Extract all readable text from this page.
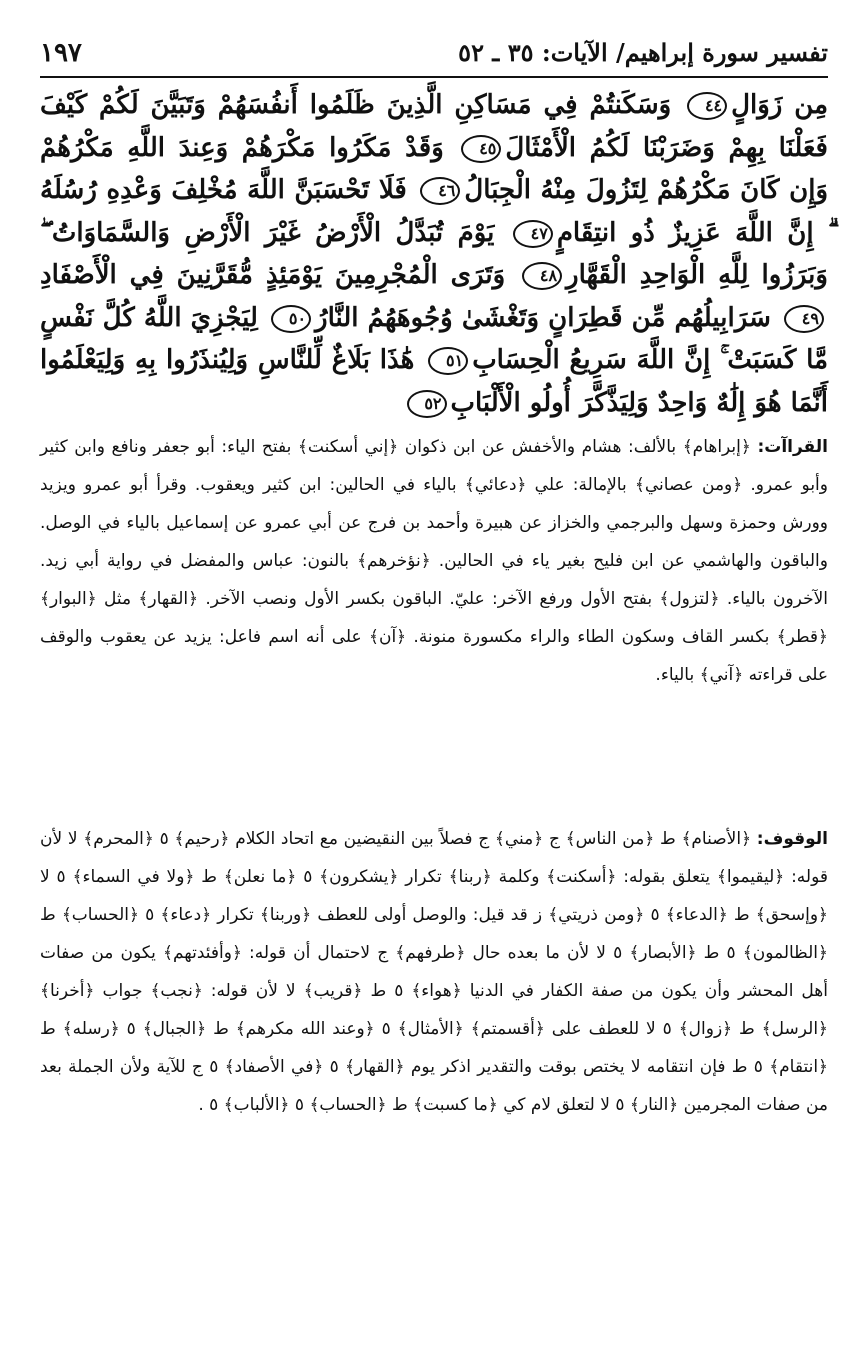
١٩٧	تفسير سورة إبراهيم/ الآيات: ٣٥ ـ ٥٢
مِن زَوَالٍ٤٤ وَسَكَنتُمْ فِي مَسَاكِنِ الَّذِينَ ظَلَمُوا أَنفُسَهُمْ وَتَبَيَّنَ لَكُمْ كَيْفَ فَعَلْنَا بِهِمْ وَضَرَبْنَا لَكُمُ الْأَمْثَالَ٤٥ وَقَدْ مَكَرُوا مَكْرَهُمْ وَعِندَ اللَّهِ مَكْرُهُمْ وَإِن كَانَ مَكْرُهُمْ لِتَزُولَ مِنْهُ الْجِبَالُ٤٦ فَلَا تَحْسَبَنَّ اللَّهَ مُخْلِفَ وَعْدِهِ رُسُلَهُ ۗ إِنَّ اللَّهَ عَزِيزٌ ذُو انتِقَامٍ٤٧ يَوْمَ تُبَدَّلُ الْأَرْضُ غَيْرَ الْأَرْضِ وَالسَّمَاوَاتُ ۖ وَبَرَزُوا لِلَّهِ الْوَاحِدِ الْقَهَّارِ٤٨ وَتَرَى الْمُجْرِمِينَ يَوْمَئِذٍ مُّقَرَّنِينَ فِي الْأَصْفَادِ٤٩ سَرَابِيلُهُم مِّن قَطِرَانٍ وَتَغْشَىٰ وُجُوهَهُمُ النَّارُ٥٠ لِيَجْزِيَ اللَّهُ كُلَّ نَفْسٍ مَّا كَسَبَتْ ۚ إِنَّ اللَّهَ سَرِيعُ الْحِسَابِ٥١ هَٰذَا بَلَاغٌ لِّلنَّاسِ وَلِيُنذَرُوا بِهِ وَلِيَعْلَمُوا أَنَّمَا هُوَ إِلَٰهٌ وَاحِدٌ وَلِيَذَّكَّرَ أُولُو الْأَلْبَابِ٥٢
القراآت: ﴿إبراهام﴾ بالألف: هشام والأخفش عن ابن ذكوان ﴿إني أسكنت﴾ بفتح الياء: أبو جعفر ونافع وابن كثير وأبو عمرو. ﴿ومن عصاني﴾ بالإمالة: علي ﴿دعائي﴾ بالياء في الحالين: ابن كثير ويعقوب. وقرأ أبو عمرو ويزيد وورش وحمزة وسهل والبرجمي والخزاز عن هبيرة وأحمد بن فرج عن أبي عمرو عن إسماعيل بالياء في الوصل. والباقون والهاشمي عن ابن فليح بغير ياء في الحالين. ﴿نؤخرهم﴾ بالنون: عباس والمفضل في رواية أبي زيد. الآخرون بالياء. ﴿لتزول﴾ بفتح الأول ورفع الآخر: عليّ. الباقون بكسر الأول ونصب الآخر. ﴿القهار﴾ مثل ﴿البوار﴾ ﴿قطر﴾ بكسر القاف وسكون الطاء والراء مكسورة منونة. ﴿آن﴾ على أنه اسم فاعل: يزيد عن يعقوب والوقف على قراءته ﴿آني﴾ بالياء.
الوقوف: ﴿الأصنام﴾ ط ﴿من الناس﴾ ج ﴿مني﴾ ج فصلاً بين النقيضين مع اتحاد الكلام ﴿رحيم﴾ ٥ ﴿المحرم﴾ لا لأن قوله: ﴿ليقيموا﴾ يتعلق بقوله: ﴿أسكنت﴾ وكلمة ﴿ربنا﴾ تكرار ﴿يشكرون﴾ ٥ ﴿ما نعلن﴾ ط ﴿ولا في السماء﴾ ٥ لا ﴿وإسحق﴾ ط ﴿الدعاء﴾ ٥ ﴿ومن ذريتي﴾ ز قد قيل: والوصل أولى للعطف ﴿وربنا﴾ تكرار ﴿دعاء﴾ ٥ ﴿الحساب﴾ ط ﴿الظالمون﴾ ٥ ط ﴿الأبصار﴾ ٥ لا لأن ما بعده حال ﴿طرفهم﴾ ج لاحتمال أن قوله: ﴿وأفئدتهم﴾ يكون من صفات أهل المحشر وأن يكون من صفة الكفار في الدنيا ﴿هواء﴾ ٥ ط ﴿قريب﴾ لا لأن قوله: ﴿نجب﴾ جواب ﴿أخرنا﴾ ﴿الرسل﴾ ط ﴿زوال﴾ ٥ لا للعطف على ﴿أقسمتم﴾ ﴿الأمثال﴾ ٥ ﴿وعند الله مكرهم﴾ ط ﴿الجبال﴾ ٥ ﴿رسله﴾ ط ﴿انتقام﴾ ٥ ط فإن انتقامه لا يختص بوقت والتقدير اذكر يوم ﴿القهار﴾ ٥ ﴿في الأصفاد﴾ ٥ ج للآية ولأن الجملة بعد من صفات المجرمين ﴿النار﴾ ٥ لا لتعلق لام كي ﴿ما كسبت﴾ ط ﴿الحساب﴾ ٥ ﴿الألباب﴾ ٥ .
